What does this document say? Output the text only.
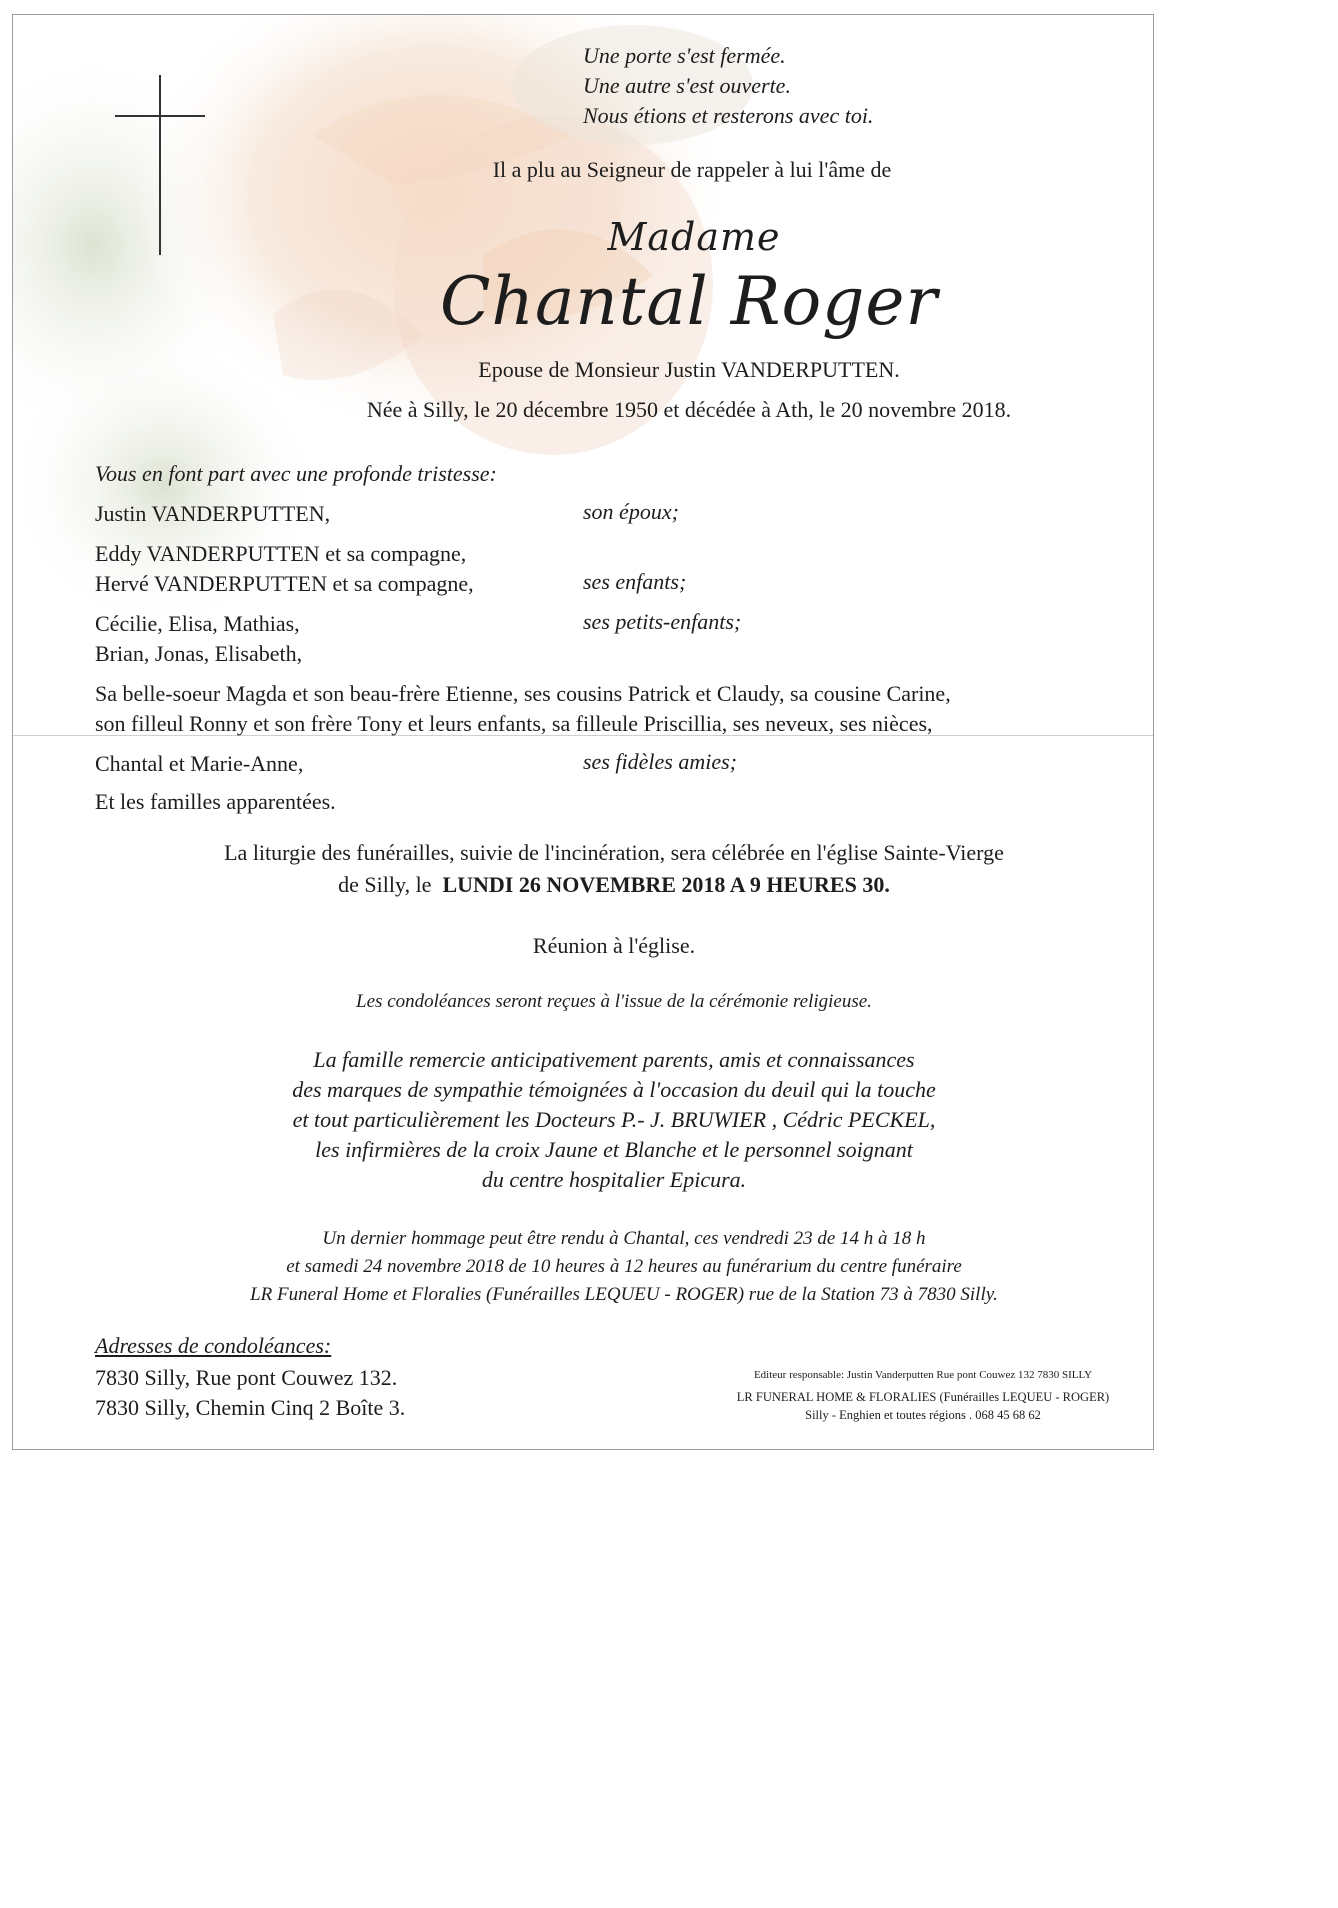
Une porte s'est fermée.
Une autre s'est ouverte.
Nous étions et resterons avec toi.
Il a plu au Seigneur de rappeler à lui l'âme de
Madame
Chantal Roger
Epouse de Monsieur Justin VANDERPUTTEN.
Née à Silly, le 20 décembre 1950 et décédée à Ath, le 20 novembre 2018.
Vous en font part avec une profonde tristesse:
Justin VANDERPUTTEN,	son époux;
Eddy VANDERPUTTEN et sa compagne,
Hervé VANDERPUTTEN et sa compagne,	ses enfants;
Cécilie, Elisa, Mathias,	ses petits-enfants;
Brian, Jonas, Elisabeth,
Sa belle-soeur Magda et son beau-frère Etienne, ses cousins Patrick et Claudy, sa cousine Carine,
son filleul Ronny et son frère Tony et leurs enfants, sa filleule Priscillia, ses neveux, ses nièces,
Chantal et Marie-Anne,	ses fidèles amies;
Et les familles apparentées.
La liturgie des funérailles, suivie de l'incinération, sera célébrée en l'église Sainte-Vierge
de Silly, le LUNDI 26 NOVEMBRE 2018 A 9 HEURES 30.
Réunion à l'église.
Les condoléances seront reçues à l'issue de la cérémonie religieuse.
La famille remercie anticipativement parents, amis et connaissances
des marques de sympathie témoignées à l'occasion du deuil qui la touche
et tout particulièrement les Docteurs P.- J. BRUWIER , Cédric PECKEL,
les infirmières de la croix Jaune et Blanche et le personnel soignant
du centre hospitalier Epicura.
Un dernier hommage peut être rendu à Chantal, ces vendredi 23 de 14 h à 18 h
et samedi 24 novembre 2018 de 10 heures à 12 heures au funérarium du centre funéraire
LR Funeral Home et Floralies (Funérailles LEQUEU - ROGER) rue de la Station 73 à 7830 Silly.
Adresses de condoléances:
7830 Silly, Rue pont Couwez 132.
7830 Silly, Chemin Cinq 2 Boîte 3.
Editeur responsable: Justin Vanderputten Rue pont Couwez 132 7830 SILLY
LR FUNERAL HOME & FLORALIES (Funérailles LEQUEU - ROGER)
Silly - Enghien et toutes régions . 068 45 68 62
